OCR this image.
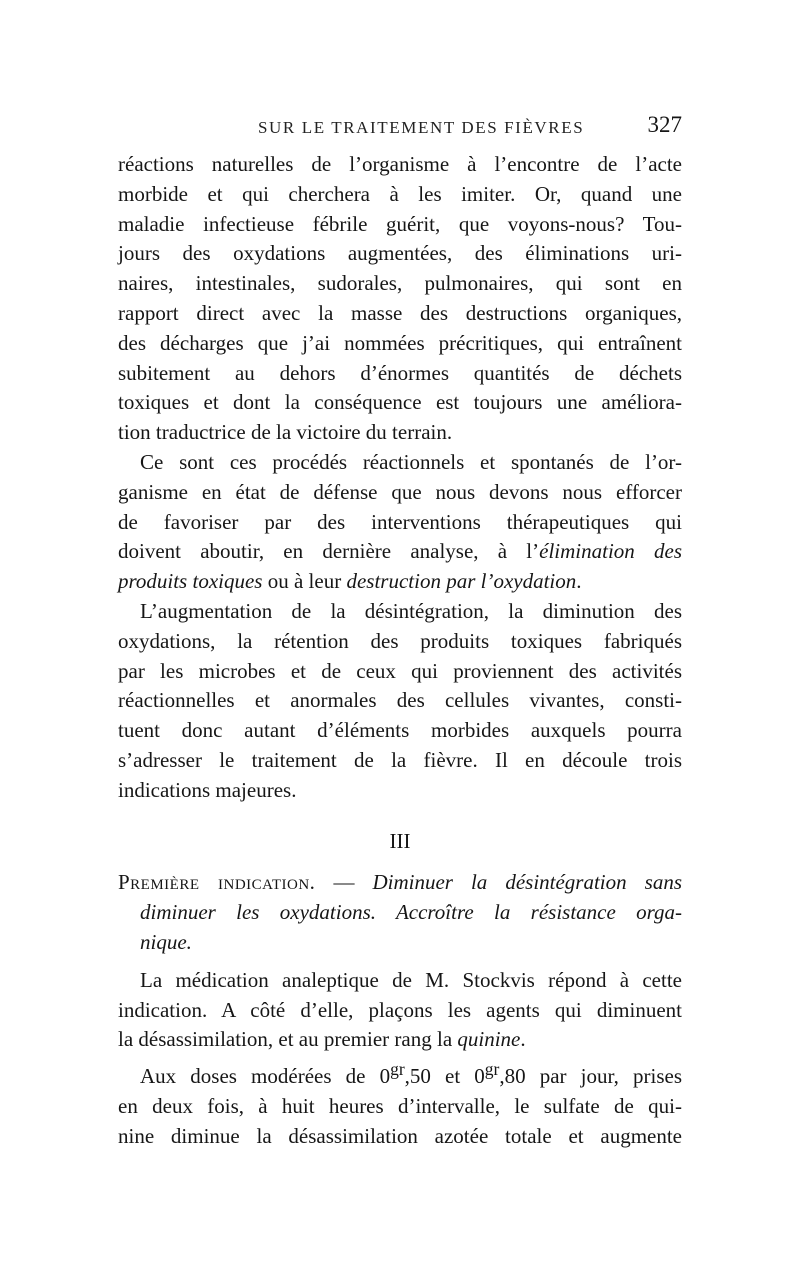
SUR LE TRAITEMENT DES FIÈVRES	327
réactions naturelles de l’organisme à l’encontre de l’acte
morbide et qui cherchera à les imiter. Or, quand une
maladie infectieuse fébrile guérit, que voyons-nous? Tou-
jours des oxydations augmentées, des éliminations uri-
naires, intestinales, sudorales, pulmonaires, qui sont en
rapport direct avec la masse des destructions organiques,
des décharges que j’ai nommées précritiques, qui entraînent
subitement au dehors d’énormes quantités de déchets
toxiques et dont la conséquence est toujours une améliora-
tion traductrice de la victoire du terrain.
Ce sont ces procédés réactionnels et spontanés de l’or-
ganisme en état de défense que nous devons nous efforcer
de favoriser par des interventions thérapeutiques qui
doivent aboutir, en dernière analyse, à l’élimination des
produits toxiques ou à leur destruction par l’oxydation.
L’augmentation de la désintégration, la diminution des
oxydations, la rétention des produits toxiques fabriqués
par les microbes et de ceux qui proviennent des activités
réactionnelles et anormales des cellules vivantes, consti-
tuent donc autant d’éléments morbides auxquels pourra
s’adresser le traitement de la fièvre. Il en découle trois
indications majeures.
III
Première indication. — Diminuer la désintégration sans
diminuer les oxydations. Accroître la résistance orga-
nique.
La médication analeptique de M. Stockvis répond à cette
indication. A côté d’elle, plaçons les agents qui diminuent
la désassimilation, et au premier rang la quinine.
Aux doses modérées de $0^{gr},50$ et $0^{gr},80$ par jour, prises
en deux fois, à huit heures d’intervalle, le sulfate de qui-
nine diminue la désassimilation azotée totale et augmente
